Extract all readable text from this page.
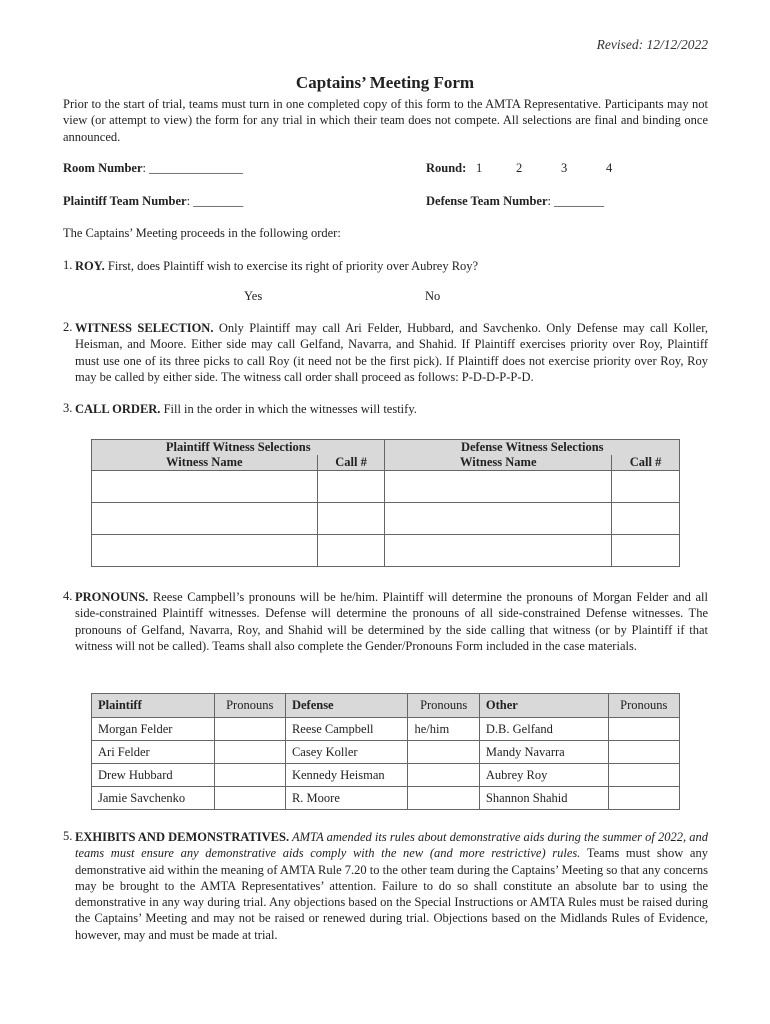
Revised: 12/12/2022
Captains’ Meeting Form
Prior to the start of trial, teams must turn in one completed copy of this form to the AMTA Representative. Participants may not view (or attempt to view) the form for any trial in which their team does not compete. All selections are final and binding once announced.
Room Number: _______________	Round: 1	2	3	4
Plaintiff Team Number: ________	Defense Team Number: ________
The Captains’ Meeting proceeds in the following order:
1. ROY. First, does Plaintiff wish to exercise its right of priority over Aubrey Roy?
Yes	No
2. WITNESS SELECTION. Only Plaintiff may call Ari Felder, Hubbard, and Savchenko. Only Defense may call Koller, Heisman, and Moore. Either side may call Gelfand, Navarra, and Shahid. If Plaintiff exercises priority over Roy, Plaintiff must use one of its three picks to call Roy (it need not be the first pick). If Plaintiff does not exercise priority over Roy, Roy may be called by either side. The witness call order shall proceed as follows: P-D-D-P-P-D.
3. CALL ORDER. Fill in the order in which the witnesses will testify.
Plaintiff Witness Selections		Defense Witness Selections	
Witness Name	Call #	Witness Name	Call #

4. PRONOUNS. Reese Campbell’s pronouns will be he/him. Plaintiff will determine the pronouns of Morgan Felder and all side-constrained Plaintiff witnesses. Defense will determine the pronouns of all side-constrained Defense witnesses. The pronouns of Gelfand, Navarra, Roy, and Shahid will be determined by the side calling that witness (or by Plaintiff if that witness will not be called). Teams shall also complete the Gender/Pronouns Form included in the case materials.
Plaintiff	Pronouns	Defense	Pronouns	Other	Pronouns
Morgan Felder		Reese Campbell	he/him	D.B. Gelfand	
Ari Felder		Casey Koller		Mandy Navarra	
Drew Hubbard		Kennedy Heisman		Aubrey Roy	
Jamie Savchenko		R. Moore		Shannon Shahid	
5. EXHIBITS AND DEMONSTRATIVES. AMTA amended its rules about demonstrative aids during the summer of 2022, and teams must ensure any demonstrative aids comply with the new (and more restrictive) rules. Teams must show any demonstrative aid within the meaning of AMTA Rule 7.20 to the other team during the Captains’ Meeting so that any concerns may be brought to the AMTA Representatives’ attention. Failure to do so shall constitute an absolute bar to using the demonstrative in any way during trial. Any objections based on the Special Instructions or AMTA Rules must be raised during the Captains’ Meeting and may not be raised or renewed during trial. Objections based on the Midlands Rules of Evidence, however, may and must be made at trial.
